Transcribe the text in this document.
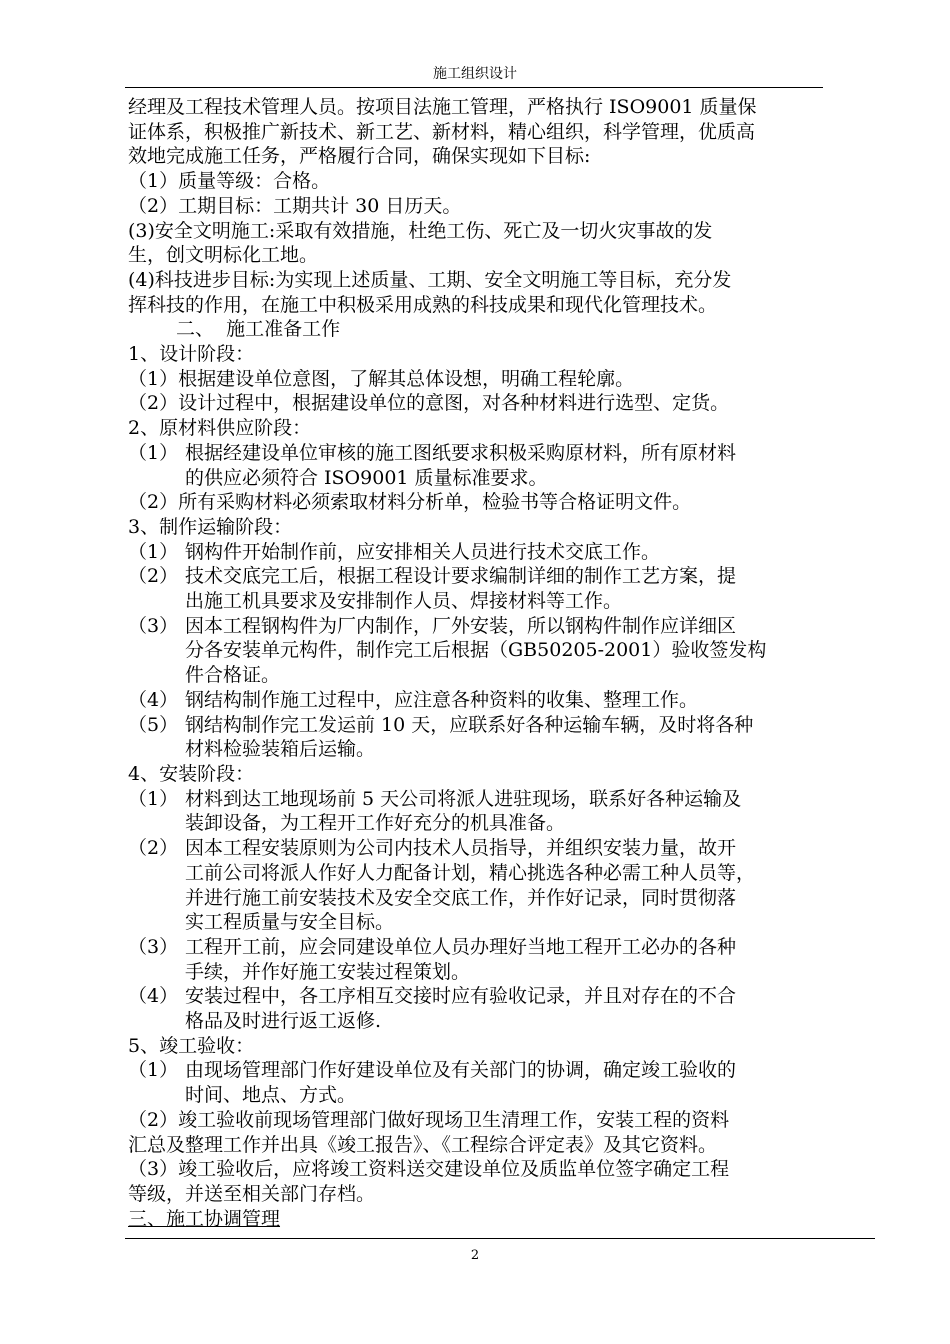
施工组织设计
经理及工程技术管理人员。按项目法施工管理，严格执行 ISO9001 质量保
证体系，积极推广新技术、新工艺、新材料，精心组织，科学管理，优质高
效地完成施工任务，严格履行合同，确保实现如下目标:
（1）质量等级：合格。
（2）工期目标：工期共计 30 日历天。
(3)安全文明施工:采取有效措施，杜绝工伤、死亡及一切火灾事故的发
生，创文明标化工地。
(4)科技进步目标:为实现上述质量、工期、安全文明施工等目标，充分发
挥科技的作用，在施工中积极采用成熟的科技成果和现代化管理技术。
二、  施工准备工作
1、设计阶段：
（1）根据建设单位意图，了解其总体设想，明确工程轮廓。
（2）设计过程中，根据建设单位的意图，对各种材料进行选型、定货。
2、原材料供应阶段：
（1） 根据经建设单位审核的施工图纸要求积极采购原材料，所有原材料
的供应必须符合 ISO9001 质量标准要求。
（2）所有采购材料必须索取材料分析单，检验书等合格证明文件。
3、制作运输阶段：
（1） 钢构件开始制作前，应安排相关人员进行技术交底工作。
（2） 技术交底完工后，根据工程设计要求编制详细的制作工艺方案，提
出施工机具要求及安排制作人员、焊接材料等工作。
（3） 因本工程钢构件为厂内制作，厂外安装，所以钢构件制作应详细区
分各安装单元构件，制作完工后根据（GB50205-2001）验收签发构
件合格证。
（4） 钢结构制作施工过程中，应注意各种资料的收集、整理工作。
（5） 钢结构制作完工发运前 10 天，应联系好各种运输车辆，及时将各种
材料检验装箱后运输。
4、安装阶段：
（1） 材料到达工地现场前 5 天公司将派人进驻现场，联系好各种运输及
装卸设备，为工程开工作好充分的机具准备。
（2） 因本工程安装原则为公司内技术人员指导，并组织安装力量，故开
工前公司将派人作好人力配备计划，精心挑选各种必需工种人员等，
并进行施工前安装技术及安全交底工作，并作好记录，同时贯彻落
实工程质量与安全目标。
（3） 工程开工前，应会同建设单位人员办理好当地工程开工必办的各种
手续，并作好施工安装过程策划。
（4） 安装过程中，各工序相互交接时应有验收记录，并且对存在的不合
格品及时进行返工返修.
5、竣工验收：
（1） 由现场管理部门作好建设单位及有关部门的协调，确定竣工验收的
时间、地点、方式。
（2）竣工验收前现场管理部门做好现场卫生清理工作，安装工程的资料
汇总及整理工作并出具《竣工报告》、《工程综合评定表》及其它资料。
（3）竣工验收后，应将竣工资料送交建设单位及质监单位签字确定工程
等级，并送至相关部门存档。
三、施工协调管理
2
